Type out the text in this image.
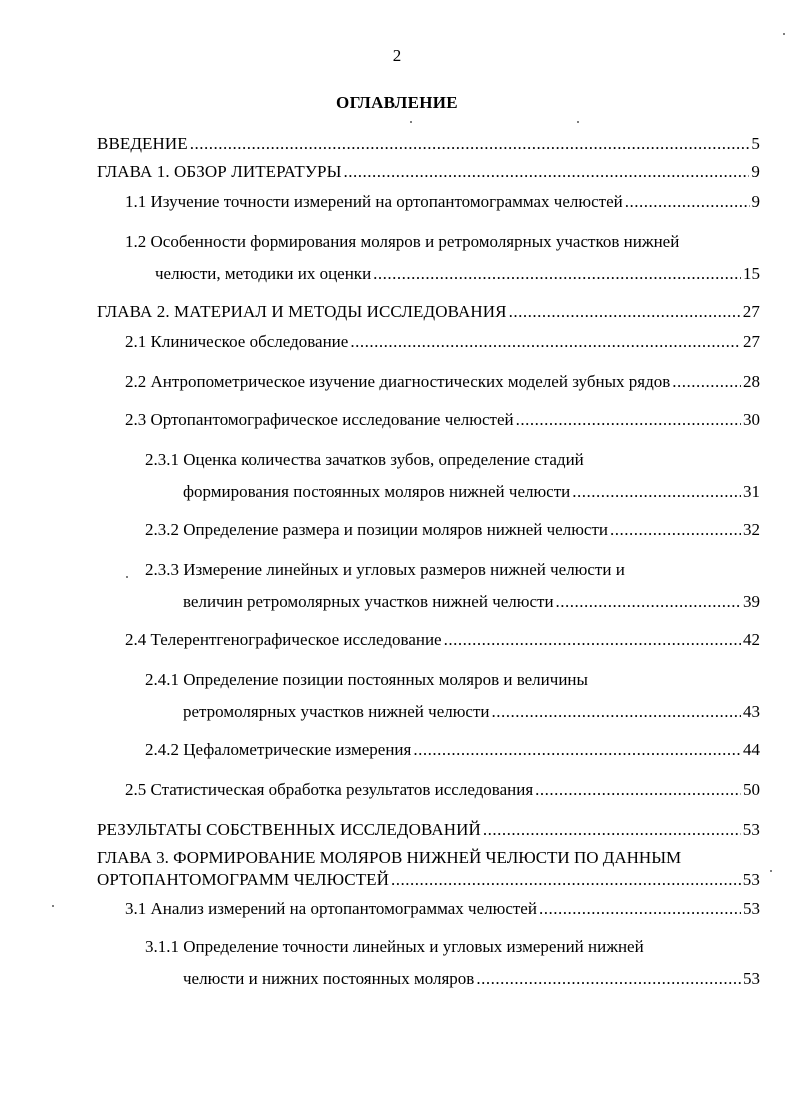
2
ОГЛАВЛЕНИЕ
ВВЕДЕНИЕ .....	5
ГЛАВА 1. ОБЗОР ЛИТЕРАТУРЫ .....	9
1.1 Изучение точности измерений на ортопантомограммах челюстей .....	9
1.2 Особенности формирования моляров и ретромолярных участков нижней
челюсти, методики их оценки .....	15
ГЛАВА 2. МАТЕРИАЛ И МЕТОДЫ ИССЛЕДОВАНИЯ .....	27
2.1 Клиническое обследование .....	27
2.2 Антропометрическое изучение диагностических моделей зубных рядов .....	28
2.3 Ортопантомографическое исследование челюстей .....	30
2.3.1 Оценка количества зачатков зубов, определение стадий
формирования постоянных моляров нижней челюсти .....	31
2.3.2 Определение размера и позиции моляров нижней челюсти .....	32
2.3.3 Измерение линейных и угловых размеров нижней челюсти и
величин ретромолярных участков нижней челюсти .....	39
2.4 Телерентгенографическое исследование .....	42
2.4.1 Определение позиции постоянных моляров и величины
ретромолярных участков нижней челюсти .....	43
2.4.2 Цефалометрические измерения .....	44
2.5 Статистическая обработка результатов исследования .....	50
РЕЗУЛЬТАТЫ СОБСТВЕННЫХ ИССЛЕДОВАНИЙ .....	53
ГЛАВА 3. ФОРМИРОВАНИЕ МОЛЯРОВ НИЖНЕЙ ЧЕЛЮСТИ ПО ДАННЫМ
ОРТОПАНТОМОГРАММ ЧЕЛЮСТЕЙ .....	53
3.1 Анализ измерений на ортопантомограммах челюстей .....	53
3.1.1 Определение точности линейных и угловых измерений нижней
челюсти и нижних постоянных моляров .....	53
